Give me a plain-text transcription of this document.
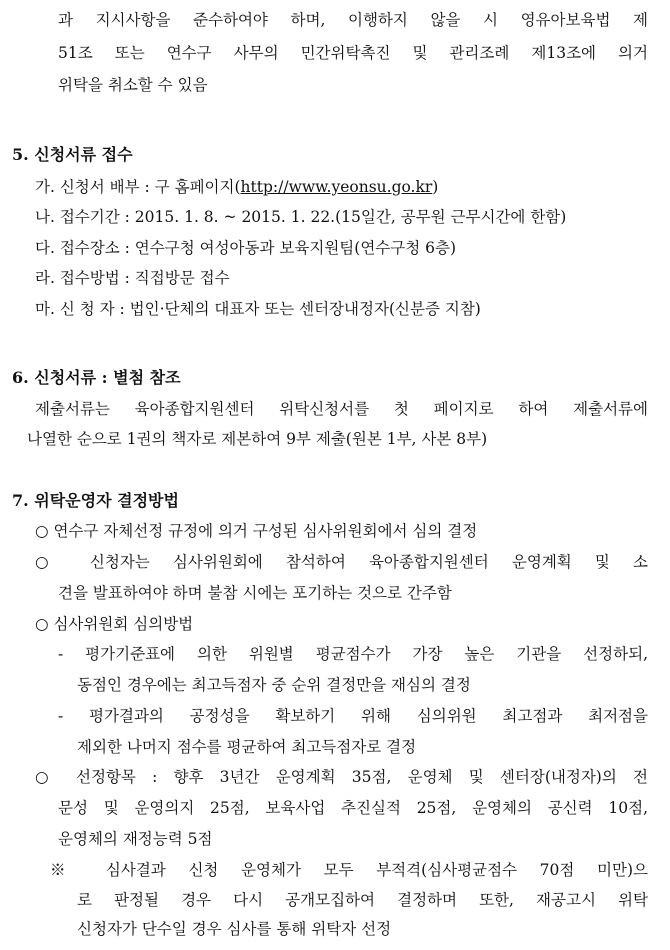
과 지시사항을 준수하여야 하며, 이행하지 않을 시 영유아보육법 제
51조 또는 연수구 사무의 민간위탁촉진 및 관리조례 제13조에 의거
위탁을 취소할 수 있음
5. 신청서류 접수
가. 신청서 배부 : 구 홈페이지(http://www.yeonsu.go.kr)
나. 접수기간 : 2015. 1. 8. ~ 2015. 1. 22.(15일간, 공무원 근무시간에 한함)
다. 접수장소 : 연수구청 여성아동과 보육지원팀(연수구청 6층)
라. 접수방법 : 직접방문 접수
마. 신 청 자 : 법인·단체의 대표자 또는 센터장내정자(신분증 지참)
6. 신청서류 : 별첨 참조
제출서류는 육아종합지원센터 위탁신청서를 첫 페이지로 하여 제출서류에
나열한 순으로 1권의 책자로 제본하여 9부 제출(원본 1부, 사본 8부)
7. 위탁운영자 결정방법
○ 연수구 자체선정 규정에 의거 구성된 심사위원회에서 심의 결정
○ 신청자는 심사위원회에 참석하여 육아종합지원센터 운영계획 및 소
견을 발표하여야 하며 불참 시에는 포기하는 것으로 간주함
○ 심사위원회 심의방법
- 평가기준표에 의한 위원별 평균점수가 가장 높은 기관을 선정하되,
동점인 경우에는 최고득점자 중 순위 결정만을 재심의 결정
- 평가결과의 공정성을 확보하기 위해 심의위원 최고점과 최저점을
제외한 나머지 점수를 평균하여 최고득점자로 결정
○ 선정항목 : 향후 3년간 운영계획 35점, 운영체 및 센터장(내정자)의 전
문성 및 운영의지 25점, 보육사업 추진실적 25점, 운영체의 공신력 10점,
운영체의 재정능력 5점
※ 심사결과 신청 운영체가 모두 부적격(심사평균점수 70점 미만)으
로 판정될 경우 다시 공개모집하여 결정하며 또한, 재공고시 위탁
신청자가 단수일 경우 심사를 통해 위탁자 선정
